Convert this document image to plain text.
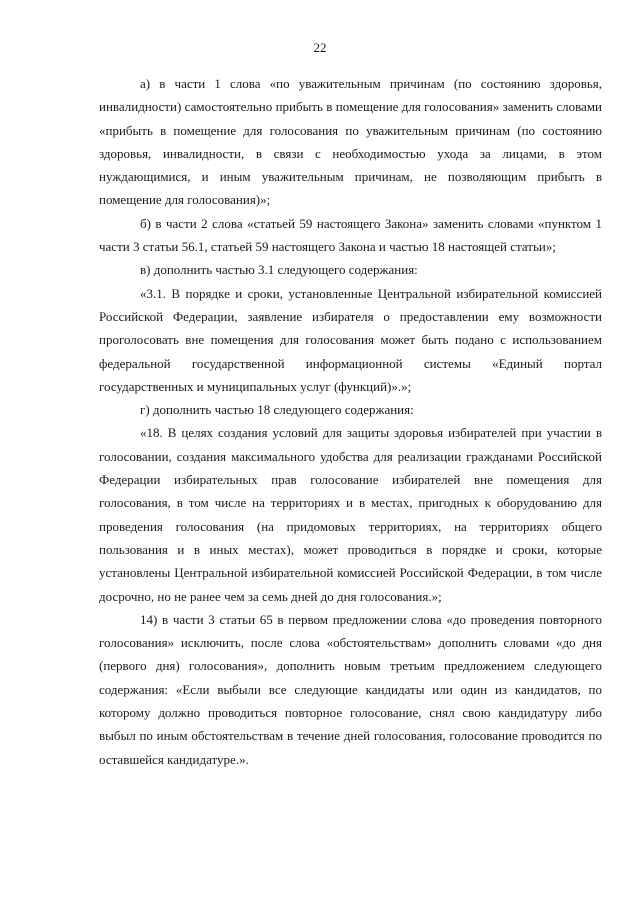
22

а) в части 1 слова «по уважительным причинам (по состоянию здоровья, инвалидности) самостоятельно прибыть в помещение для голосования» заменить словами «прибыть в помещение для голосования по уважительным причинам (по состоянию здоровья, инвалидности, в связи с необходимостью ухода за лицами, в этом нуждающимися, и иным уважительным причинам, не позволяющим прибыть в помещение для голосования)»;

б) в части 2 слова «статьей 59 настоящего Закона» заменить словами «пунктом 1 части 3 статьи 56.1, статьей 59 настоящего Закона и частью 18 настоящей статьи»;

в) дополнить частью 3.1 следующего содержания:

«3.1. В порядке и сроки, установленные Центральной избирательной комиссией Российской Федерации, заявление избирателя о предоставлении ему возможности проголосовать вне помещения для голосования может быть подано с использованием федеральной государственной информационной системы «Единый портал государственных и муниципальных услуг (функций)».»;

г) дополнить частью 18 следующего содержания:

«18. В целях создания условий для защиты здоровья избирателей при участии в голосовании, создания максимального удобства для реализации гражданами Российской Федерации избирательных прав голосование избирателей вне помещения для голосования, в том числе на территориях и в местах, пригодных к оборудованию для проведения голосования (на придомовых территориях, на территориях общего пользования и в иных местах), может проводиться в порядке и сроки, которые установлены Центральной избирательной комиссией Российской Федерации, в том числе досрочно, но не ранее чем за семь дней до дня голосования.»;

14) в части 3 статьи 65 в первом предложении слова «до проведения повторного голосования» исключить, после слова «обстоятельствам» дополнить словами «до дня (первого дня) голосования», дополнить новым третьим предложением следующего содержания: «Если выбыли все следующие кандидаты или один из кандидатов, по которому должно проводиться повторное голосование, снял свою кандидатуру либо выбыл по иным обстоятельствам в течение дней голосования, голосование проводится по оставшейся кандидатуре.».
